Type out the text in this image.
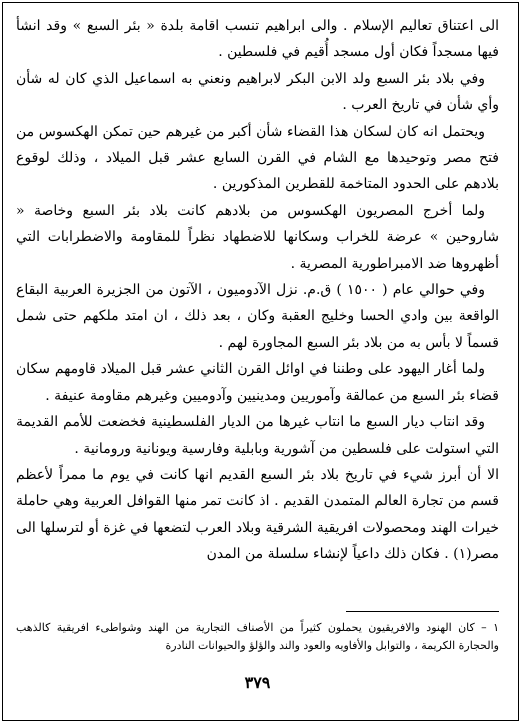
الى اعتناق تعاليم الإسلام . والى ابراهيم تنسب اقامة بلدة « بئر السبع » وقد انشأ فيها مسجداً فكان أول مسجد أُقيم في فلسطين .

وفي بلاد بئر السبع ولد الابن البكر لابراهيم ونعني به اسماعيل الذي كان له شأن وأي شأن في تاريخ العرب .

ويحتمل انه كان لسكان هذا القضاء شأن أكبر من غيرهم حين تمكن الهكسوس من فتح مصر وتوحيدها مع الشام في القرن السابع عشر قبل الميلاد ، وذلك لوقوع بلادهم على الحدود المتاخمة للقطرين المذكورين .

ولما أخرج المصريون الهكسوس من بلادهم كانت بلاد بئر السبع وخاصة « شاروحين » عرضة للخراب وسكانها للاضطهاد نظراً للمقاومة والاضطرابات التي أظهروها ضد الامبراطورية المصرية .

وفي حوالي عام ( ١٥٠٠ ) ق.م. نزل الآدوميون ، الآتون من الجزيرة العربية البقاع الواقعة بين وادي الحسا وخليج العقبة وكان ، بعد ذلك ، ان امتد ملكهم حتى شمل قسماً لا بأس به من بلاد بئر السبع المجاورة لهم .

ولما أغار اليهود على وطننا في اوائل القرن الثاني عشر قبل الميلاد قاومهم سكان قضاء بئر السبع من عمالقة وآموريين ومدينيين وآدوميين وغيرهم مقاومة عنيفة .

وقد انتاب ديار السبع ما انتاب غيرها من الديار الفلسطينية فخضعت للأمم القديمة التي استولت على فلسطين من آشورية وبابلية وفارسية ويونانية ورومانية .

الا أن أبرز شيء في تاريخ بلاد بئر السبع القديم انها كانت في يوم ما ممراً لأعظم قسم من تجارة العالم المتمدن القديم . اذ كانت تمر منها القوافل العربية وهي حاملة خيرات الهند ومحصولات افريقية الشرقية وبلاد العرب لتضعها في غزة أو لترسلها الى مصر(١) . فكان ذلك داعياً لإنشاء سلسلة من المدن

١ – كان الهنود والافريقيون يحملون كثيراً من الأصناف التجارية من الهند وشواطىء افريقية كالذهب والحجارة الكريمة ، والتوابل والأفاويه والعود والند والؤلؤ والحيوانات النادرة

٣٧٩
